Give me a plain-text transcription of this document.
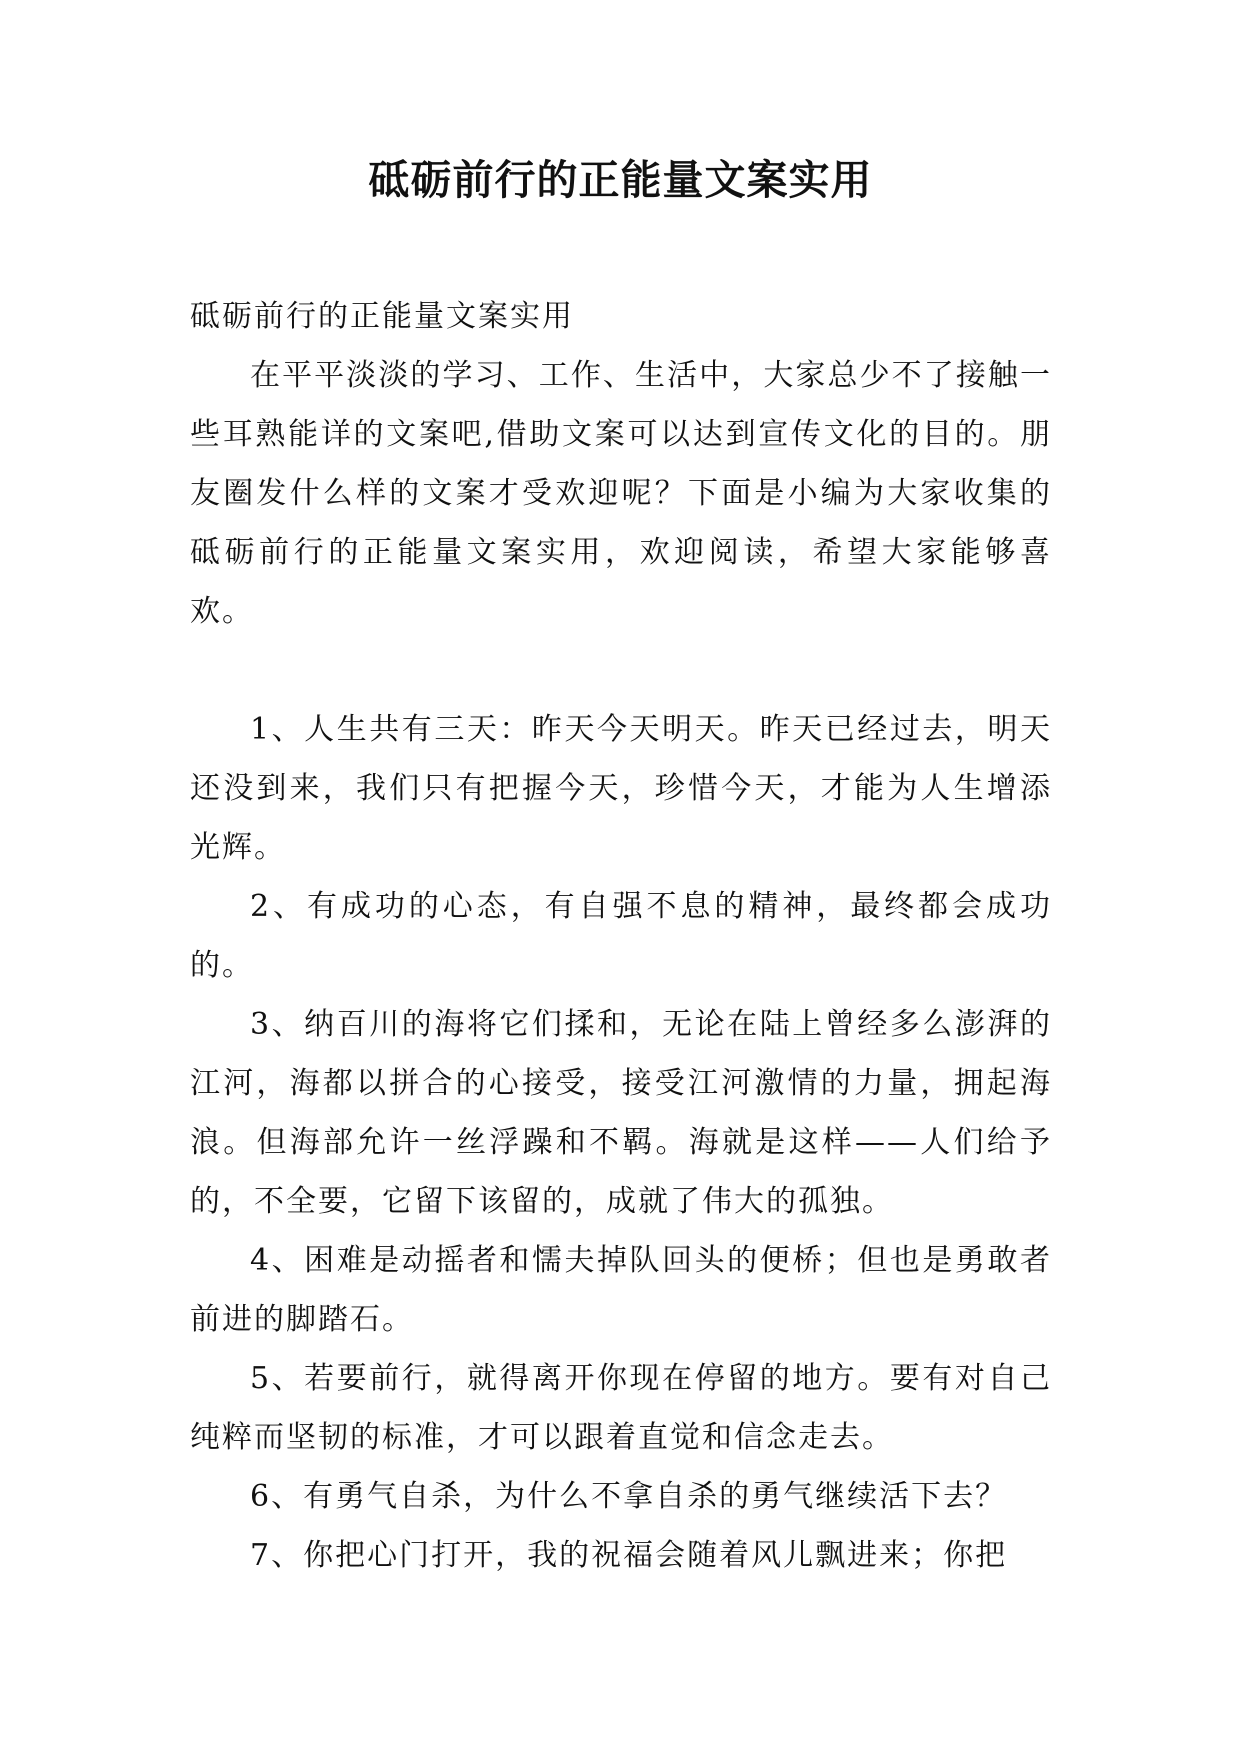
砥砺前行的正能量文案实用

砥砺前行的正能量文案实用

在平平淡淡的学习、工作、生活中，大家总少不了接触一些耳熟能详的文案吧,借助文案可以达到宣传文化的目的。朋友圈发什么样的文案才受欢迎呢？下面是小编为大家收集的砥砺前行的正能量文案实用，欢迎阅读，希望大家能够喜欢。

1、人生共有三天：昨天今天明天。昨天已经过去，明天还没到来，我们只有把握今天，珍惜今天，才能为人生增添光辉。

2、有成功的心态，有自强不息的精神，最终都会成功的。

3、纳百川的海将它们揉和，无论在陆上曾经多么澎湃的江河，海都以拼合的心接受，接受江河激情的力量，拥起海浪。但海部允许一丝浮躁和不羁。海就是这样——人们给予的，不全要，它留下该留的，成就了伟大的孤独。

4、困难是动摇者和懦夫掉队回头的便桥；但也是勇敢者前进的脚踏石。

5、若要前行，就得离开你现在停留的地方。要有对自己纯粹而坚韧的标准，才可以跟着直觉和信念走去。

6、有勇气自杀，为什么不拿自杀的勇气继续活下去？

7、你把心门打开，我的祝福会随着风儿飘进来；你把
